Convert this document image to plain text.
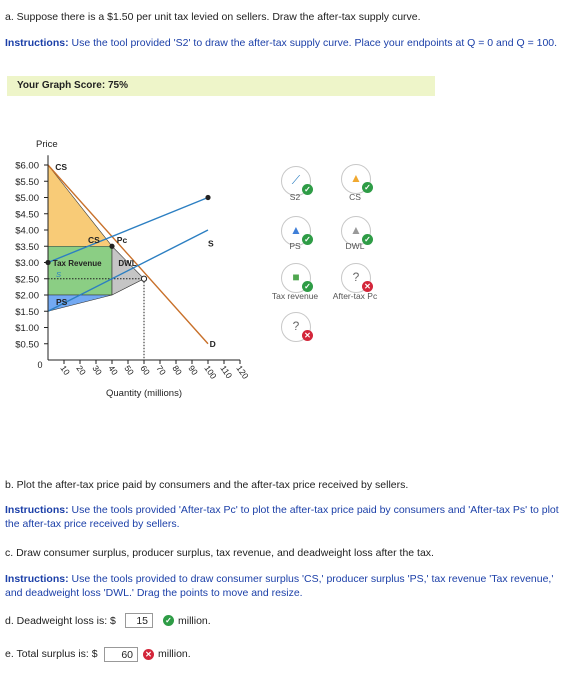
a. Suppose there is a $1.50 per unit tax levied on sellers. Draw the after-tax supply curve.
Instructions: Use the tool provided 'S2' to draw the after-tax supply curve. Place your endpoints at Q = 0 and Q = 100.
Your Graph Score: 75%
$6.00
$5.50
$5.00
$4.50
$4.00
$3.50
$3.00
$2.50
$2.00
$1.50
$1.00
$0.50
0 10 20 30 40 50 60 70 80 90 100 110 120
Price
Quantity (millions)
CS
CS Pc	S
D
Tax Revenue DWL
PS
S
⟋
✓
S2
▲
✓
CS
▲
✓
PS
▲
✓
DWL
■
✓
Tax revenue
?
✕
After-tax Pc
?
✕
b. Plot the after-tax price paid by consumers and the after-tax price received by sellers.
Instructions: Use the tools provided 'After-tax Pc' to plot the after-tax price paid by consumers and 'After-tax Ps' to plot the after-tax price received by sellers.
c. Draw consumer surplus, producer surplus, tax revenue, and deadweight loss after the tax.
Instructions: Use the tools provided to draw consumer surplus 'CS,' producer surplus 'PS,' tax revenue 'Tax revenue,' and deadweight loss 'DWL.' Drag the points to move and resize.
d. Deadweight loss is: $	15	✓ million.
e. Total surplus is: $	60	✕ million.
